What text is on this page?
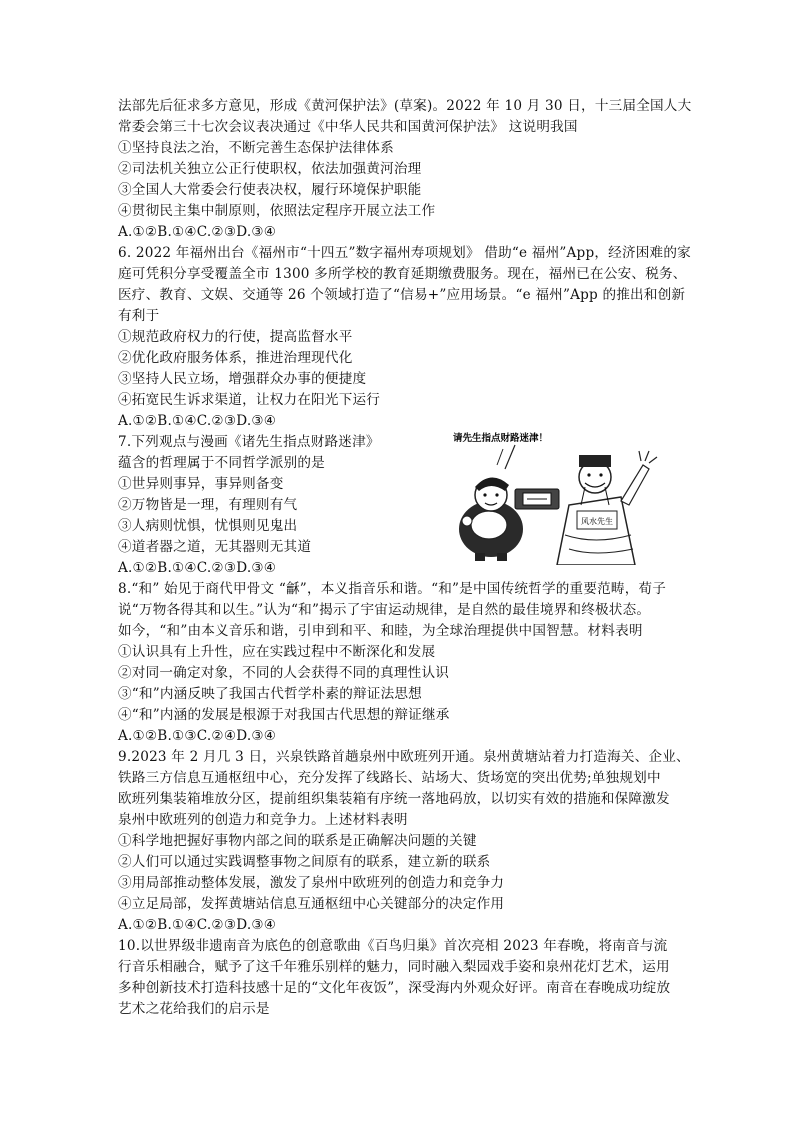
法部先后征求多方意见，形成《黄河保护法》(草案)。2022 年 10 月 30 日，十三届全国人大
常委会第三十七次会议表决通过《中华人民共和国黄河保护法》 这说明我国
①坚持良法之治，不断完善生态保护法律体系
②司法机关独立公正行使职权，依法加强黄河治理
③全国人大常委会行使表决权，履行环境保护职能
④贯彻民主集中制原则，依照法定程序开展立法工作
A.①②B.①④C.②③D.③④
6. 2022 年福州出台《福州市“十四五”数字福州寿项规划》 借助“e 福州”App，经济困难的家
庭可凭积分享受覆盖全市 1300 多所学校的教育延期缴费服务。现在，福州已在公安、税务、
医疗、教育、文娱、交通等 26 个领域打造了“信易+”应用场景。“e 福州”App 的推出和创新
有利于
①规范政府权力的行使，提高监督水平
②优化政府服务体系，推进治理现代化
③坚持人民立场，增强群众办事的便捷度
④拓宽民生诉求渠道，让权力在阳光下运行
A.①②B.①④C.②③D.③④
7.下列观点与漫画《诸先生指点财路迷津》
蕴含的哲理属于不同哲学派别的是
①世异则事异，事异则备变
②万物皆是一理，有理则有气
③人病则忧惧，忧惧则见鬼出
④道者器之道，无其器则无其道
A.①②B.①④C.②③D.③④
8.“和” 始见于商代甲骨文 “龢”，本义指音乐和谐。“和”是中国传统哲学的重要范畴，荀子
说“万物各得其和以生。”认为“和”揭示了宇宙运动规律，是自然的最佳境界和终极状态。
如今，“和”由本义音乐和谐，引申到和平、和睦，为全球治理提供中国智慧。材料表明
①认识具有上升性，应在实践过程中不断深化和发展
②对同一确定对象，不同的人会获得不同的真理性认识
③“和”内涵反映了我国古代哲学朴素的辩证法思想
④“和”内涵的发展是根源于对我国古代思想的辩证继承
A.①②B.①③C.②④D.③④
9.2023 年 2 月几 3 日，兴泉铁路首趟泉州中欧班列开通。泉州黄塘站着力打造海关、企业、
铁路三方信息互通枢纽中心，充分发挥了线路长、站场大、货场宽的突出优势;单独规划中
欧班列集装箱堆放分区，提前组织集装箱有序统一落地码放，以切实有效的措施和保障激发
泉州中欧班列的创造力和竞争力。上述材料表明
①科学地把握好事物内部之间的联系是正确解决问题的关键
②人们可以通过实践调整事物之间原有的联系，建立新的联系
③用局部推动整体发展，激发了泉州中欧班列的创造力和竞争力
④立足局部，发挥黄塘站信息互通枢纽中心关键部分的决定作用
A.①②B.①④C.②③D.③④
10.以世界级非遗南音为底色的创意歌曲《百鸟归巢》首次亮相 2023 年春晚，将南音与流
行音乐相融合，赋予了这千年雅乐别样的魅力，同时融入梨园戏手姿和泉州花灯艺术，运用
多种创新技术打造科技感十足的“文化年夜饭”，深受海内外观众好评。南音在春晚成功绽放
艺术之花给我们的启示是
请先生指点财路迷津！
风水先生
